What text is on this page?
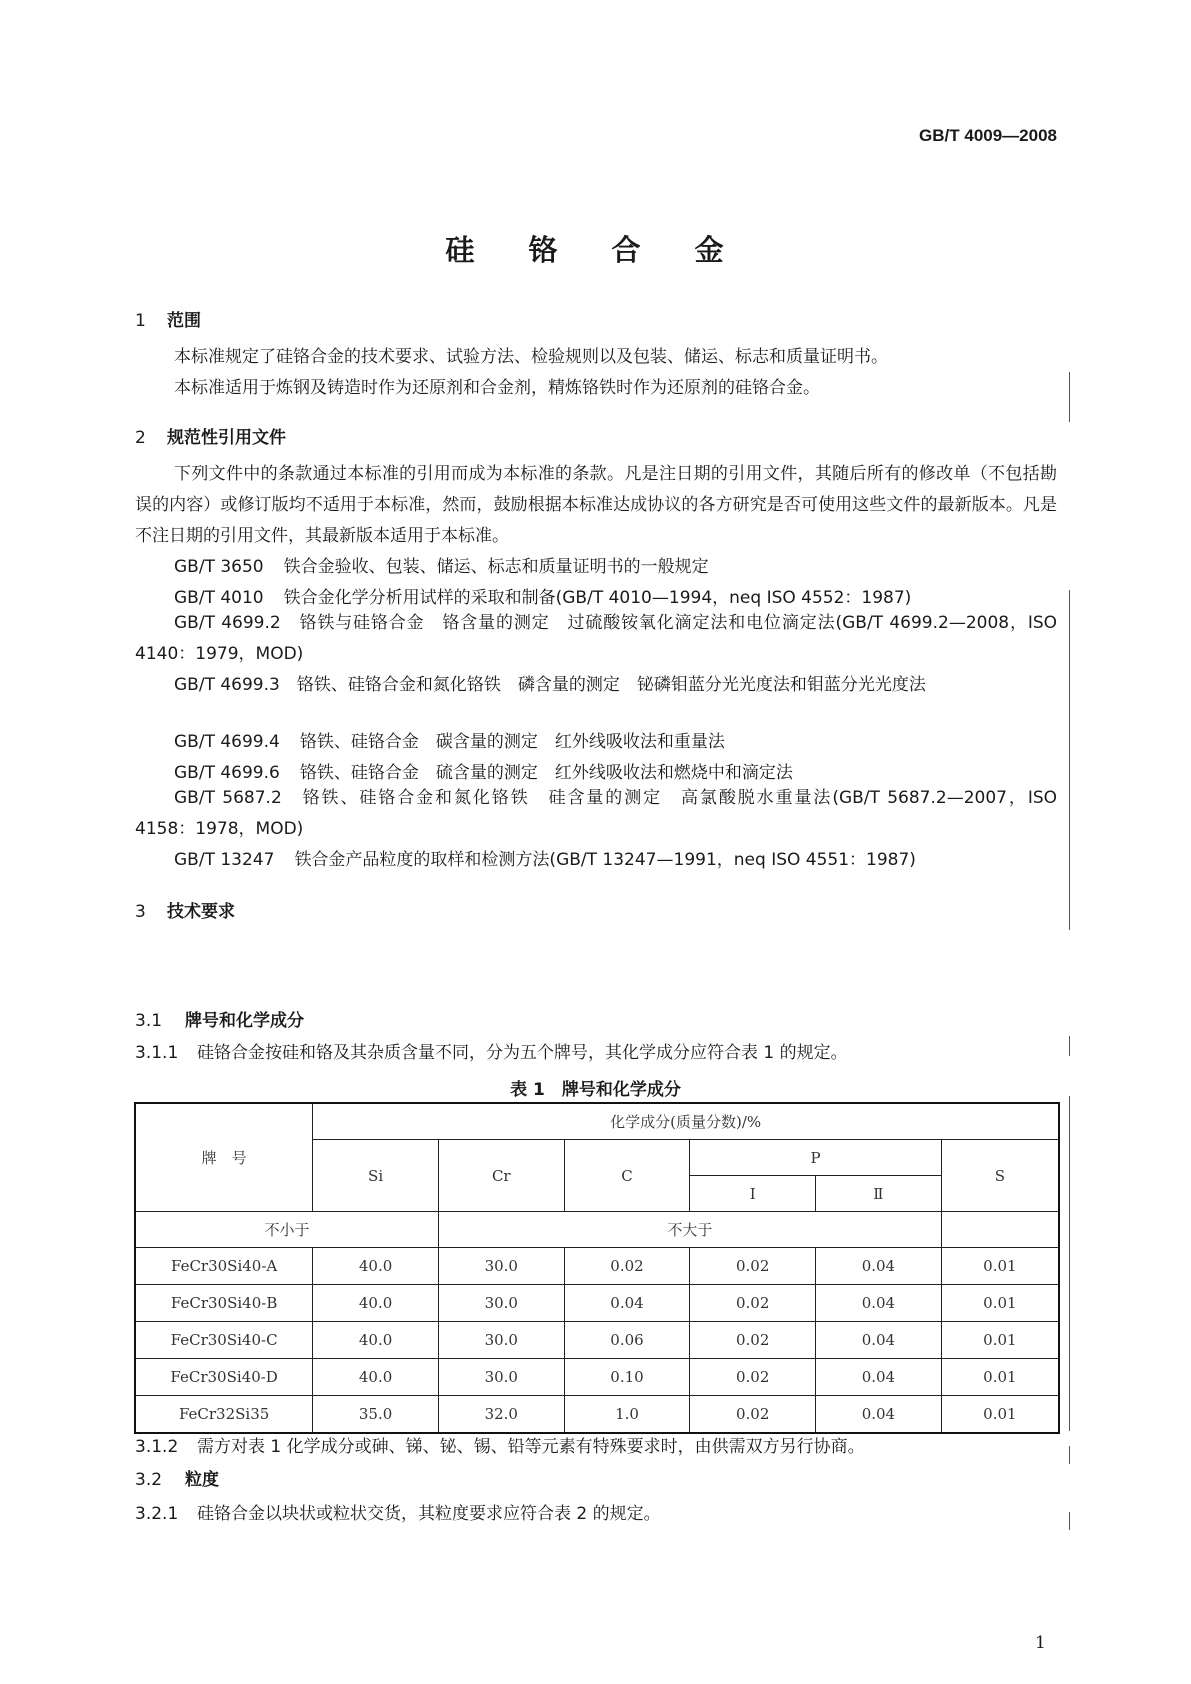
GB/T 4009—2008
硅 铬 合 金
1 范围
本标准规定了硅铬合金的技术要求、试验方法、检验规则以及包装、储运、标志和质量证明书。
本标准适用于炼钢及铸造时作为还原剂和合金剂，精炼铬铁时作为还原剂的硅铬合金。
2 规范性引用文件
下列文件中的条款通过本标准的引用而成为本标准的条款。凡是注日期的引用文件，其随后所有的修改单（不包括勘误的内容）或修订版均不适用于本标准，然而，鼓励根据本标准达成协议的各方研究是否可使用这些文件的最新版本。凡是不注日期的引用文件，其最新版本适用于本标准。
GB/T 3650 铁合金验收、包装、储运、标志和质量证明书的一般规定
GB/T 4010 铁合金化学分析用试样的采取和制备(GB/T 4010—1994，neq ISO 4552：1987)
GB/T 4699.2　 铬铁与硅铬合金　铬含量的测定　过硫酸铵氧化滴定法和电位滴定法(GB/T 4699.2—2008，ISO 4140：1979，MOD)
GB/T 4699.3　 铬铁、硅铬合金和氮化铬铁　磷含量的测定　铋磷钼蓝分光光度法和钼蓝分光光度法
GB/T 4699.4 铬铁、硅铬合金　碳含量的测定　红外线吸收法和重量法
GB/T 4699.6 铬铁、硅铬合金　硫含量的测定　红外线吸收法和燃烧中和滴定法
GB/T 5687.2　 铬铁、硅铬合金和氮化铬铁　硅含量的测定　高氯酸脱水重量法(GB/T 5687.2—2007，ISO 4158：1978，MOD)
GB/T 13247 铁合金产品粒度的取样和检测方法(GB/T 13247—1991，neq ISO 4551：1987)
3 技术要求
3.1 牌号和化学成分
3.1.1 硅铬合金按硅和铬及其杂质含量不同，分为五个牌号，其化学成分应符合表 1 的规定。
表 1　牌号和化学成分
牌　号	化学成分(质量分数)/%					
	Si	Cr	C	P		S
				Ⅰ	Ⅱ	
不小于		不大于				
FeCr30Si40-A	40.0	30.0	0.02	0.02	0.04	0.01
FeCr30Si40-B	40.0	30.0	0.04	0.02	0.04	0.01
FeCr30Si40-C	40.0	30.0	0.06	0.02	0.04	0.01
FeCr30Si40-D	40.0	30.0	0.10	0.02	0.04	0.01
FeCr32Si35	35.0	32.0	1.0	0.02	0.04	0.01
3.1.2 需方对表 1 化学成分或砷、锑、铋、锡、铅等元素有特殊要求时，由供需双方另行协商。
3.2 粒度
3.2.1 硅铬合金以块状或粒状交货，其粒度要求应符合表 2 的规定。
1
